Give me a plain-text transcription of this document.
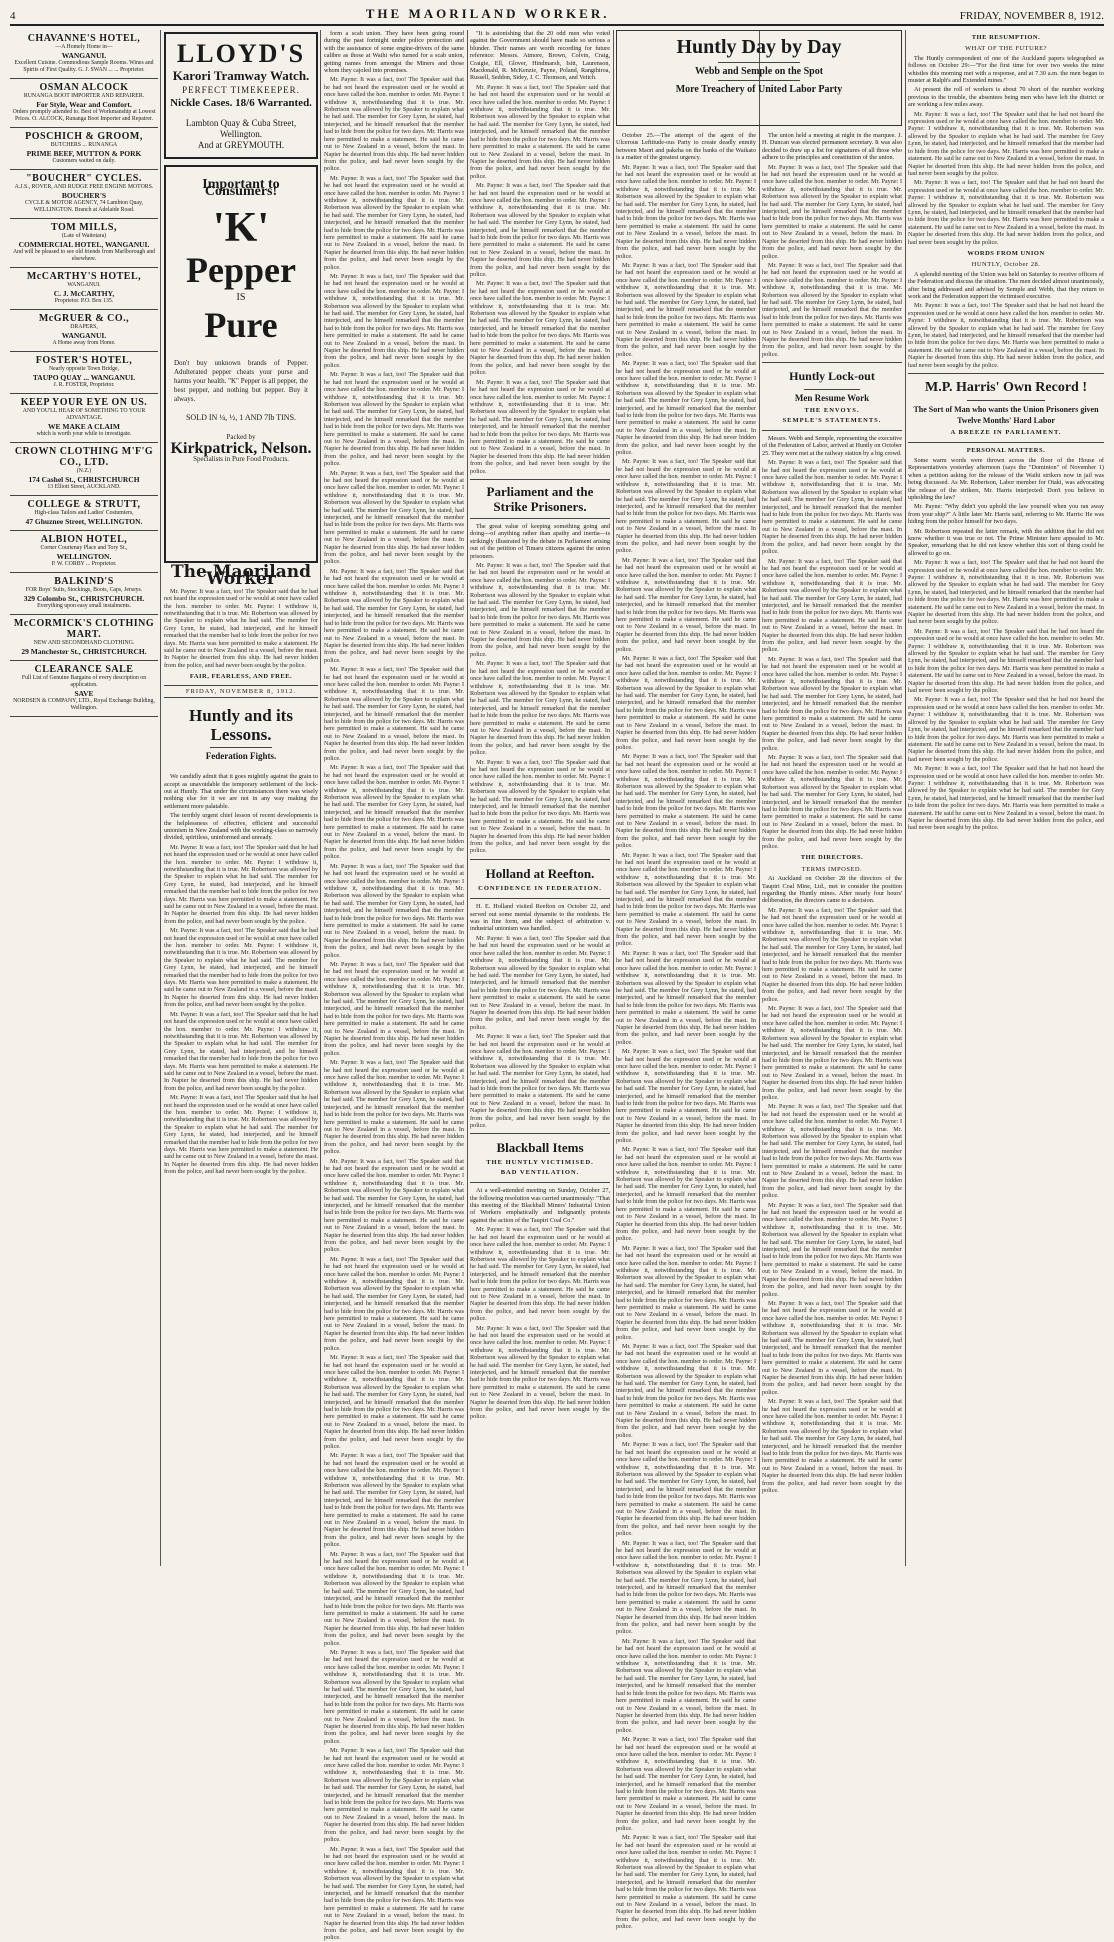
4	THE MAORILAND WORKER.	FRIDAY, NOVEMBER 8, 1912.
CHAVANNE'S HOTEL,
—A Homely Home in—
WANGANUI.
Excellent Cuisine. Commodious Sample Rooms. Wines and Spirits of First Quality. G. J. SWAN ... ... Proprietor.
OSMAN ALCOCK
RUNANGA BOOT IMPORTER AND REPAIRER.
For Style, Wear and Comfort.
Orders promptly attended to. Best of Workmanship at Lowest Prices. O. ALCOCK, Runanga Boot Importer and Repairer.
POSCHICH & GROOM,
BUTCHERS ... RUNANGA
PRIME BEEF, MUTTON & PORK
Customers waited on daily.
"BOUCHER" CYCLES.
A.J.S., ROVER, AND RUDGE FREE ENGINE MOTORS.
BOUCHER'S
CYCLE & MOTOR AGENCY, 74 Lambton Quay, WELLINGTON. Branch at Adelaide Road.
TOM MILLS,
(Late of Waitotara)
COMMERCIAL HOTEL, WANGANUI.
And will be pleased to see old friends from Marlborough and elsewhere.
McCARTHY'S HOTEL,
WANGANUI.
C. J. McCARTHY,
Proprietor. P.O. Box 135.
McGRUER & CO.,
DRAPERS,
WANGANUI.
A Home away from Home.
FOSTER'S HOTEL,
Nearly opposite Town Bridge,
TAUPO QUAY ... WANGANUI.
J. R. FOSTER, Proprietor.
KEEP YOUR EYE ON US.
AND YOU'LL HEAR OF SOMETHING TO YOUR ADVANTAGE.
WE MAKE A CLAIM
which is worth your while to investigate.
CROWN CLOTHING M'F'G CO., LTD.
(N.Z.)
174 Cashel St., CHRISTCHURCH
13 Elliott Street, AUCKLAND.
COLLEGE & STRUTT,
High-class Tailors and Ladies' Costumiers,
47 Ghuznee Street, WELLINGTON.
ALBION HOTEL,
Corner Courtenay Place and Tory St.,
WELLINGTON.
P. W. CORBY ... Proprietor.
BALKIND'S
FOR Boys' Suits, Stockings, Boots, Caps, Jerseys.
329 Colombo St., CHRISTCHURCH.
Everything upon easy small instalments.
McCORMICK'S CLOTHING MART.
NEW AND SECONDHAND CLOTHING.
29 Manchester St., CHRISTCHURCH.
CLEARANCE SALE
Full List of Genuine Bargains of every description on application.
SAVE
NORDSEN & COMPANY, LTD., Royal Exchange Building, Wellington.
LLOYD'S
Karori Tramway Watch.
PERFECT TIMEKEEPER.
Nickle Cases. 18/6 Warranted.
Lambton Quay & Cuba Street, Wellington.
And at GREYMOUTH.
Important to Consumers!
'K'
Pepper
IS
Pure
Don't buy unknown brands of Pepper. Adulterated pepper cheats your purse and harms your health. "K" Pepper is all pepper, the best pepper, and nothing but pepper. Buy it always.
SOLD IN ¼, ½, 1 AND 7lb TINS.
Packed by
Kirkpatrick, Nelson.
Specialists in Pure Food Products.
The Maoriland Worker

Mr. Payne: It was a fact, too! The Speaker said that he had not heard the expression used or he would at once have called the hon. member to order. Mr. Payne: I withdraw it, notwithstanding that it is true. Mr. Robertson was allowed by the Speaker to explain what he had said. The member for Grey Lynn, he stated, had interjected, and he himself remarked that the member had to hide from the police for two days. Mr. Harris was here permitted to make a statement. He said he came out to New Zealand in a vessel, before the mast. In Napier he deserted from this ship. He had never hidden from the police, and had never been sought by the police.

FAIR, FEARLESS, AND FREE.
FRIDAY, NOVEMBER 8, 1912.
Huntly and its Lessons.
Federation Fights.

We candidly admit that it goes mightily against the grain to accept as unavoidable the temporary settlement of the lock-out at Huntly. That under the circumstances there was wisely nothing else for it we are not in any way making the settlement more palatable.

The terribly urgent chief lesson of recent developments is the helplessness of effective, efficient and successful unionism in New Zealand with the working-class so narrowly divided, spiritless, uninformed and unready.

Mr. Payne: It was a fact, too! The Speaker said that he had not heard the expression used or he would at once have called the hon. member to order. Mr. Payne: I withdraw it, notwithstanding that it is true. Mr. Robertson was allowed by the Speaker to explain what he had said. The member for Grey Lynn, he stated, had interjected, and he himself remarked that the member had to hide from the police for two days. Mr. Harris was here permitted to make a statement. He said he came out to New Zealand in a vessel, before the mast. In Napier he deserted from this ship. He had never hidden from the police, and had never been sought by the police.

Mr. Payne: It was a fact, too! The Speaker said that he had not heard the expression used or he would at once have called the hon. member to order. Mr. Payne: I withdraw it, notwithstanding that it is true. Mr. Robertson was allowed by the Speaker to explain what he had said. The member for Grey Lynn, he stated, had interjected, and he himself remarked that the member had to hide from the police for two days. Mr. Harris was here permitted to make a statement. He said he came out to New Zealand in a vessel, before the mast. In Napier he deserted from this ship. He had never hidden from the police, and had never been sought by the police.

Mr. Payne: It was a fact, too! The Speaker said that he had not heard the expression used or he would at once have called the hon. member to order. Mr. Payne: I withdraw it, notwithstanding that it is true. Mr. Robertson was allowed by the Speaker to explain what he had said. The member for Grey Lynn, he stated, had interjected, and he himself remarked that the member had to hide from the police for two days. Mr. Harris was here permitted to make a statement. He said he came out to New Zealand in a vessel, before the mast. In Napier he deserted from this ship. He had never hidden from the police, and had never been sought by the police.

Mr. Payne: It was a fact, too! The Speaker said that he had not heard the expression used or he would at once have called the hon. member to order. Mr. Payne: I withdraw it, notwithstanding that it is true. Mr. Robertson was allowed by the Speaker to explain what he had said. The member for Grey Lynn, he stated, had interjected, and he himself remarked that the member had to hide from the police for two days. Mr. Harris was here permitted to make a statement. He said he came out to New Zealand in a vessel, before the mast. In Napier he deserted from this ship. He had never hidden from the police, and had never been sought by the police.

form a scab union. They have been going round during the past fortnight under police protection and with the assistance of some engine-drivers of the same calibre as those at Waihi who turned for a scab union, getting names from amongst the Miners and those whom they cajoled into promises.

Mr. Payne: It was a fact, too! The Speaker said that he had not heard the expression used or he would at once have called the hon. member to order. Mr. Payne: I withdraw it, notwithstanding that it is true. Mr. Robertson was allowed by the Speaker to explain what he had said. The member for Grey Lynn, he stated, had interjected, and he himself remarked that the member had to hide from the police for two days. Mr. Harris was here permitted to make a statement. He said he came out to New Zealand in a vessel, before the mast. In Napier he deserted from this ship. He had never hidden from the police, and had never been sought by the police.

Mr. Payne: It was a fact, too! The Speaker said that he had not heard the expression used or he would at once have called the hon. member to order. Mr. Payne: I withdraw it, notwithstanding that it is true. Mr. Robertson was allowed by the Speaker to explain what he had said. The member for Grey Lynn, he stated, had interjected, and he himself remarked that the member had to hide from the police for two days. Mr. Harris was here permitted to make a statement. He said he came out to New Zealand in a vessel, before the mast. In Napier he deserted from this ship. He had never hidden from the police, and had never been sought by the police.

Mr. Payne: It was a fact, too! The Speaker said that he had not heard the expression used or he would at once have called the hon. member to order. Mr. Payne: I withdraw it, notwithstanding that it is true. Mr. Robertson was allowed by the Speaker to explain what he had said. The member for Grey Lynn, he stated, had interjected, and he himself remarked that the member had to hide from the police for two days. Mr. Harris was here permitted to make a statement. He said he came out to New Zealand in a vessel, before the mast. In Napier he deserted from this ship. He had never hidden from the police, and had never been sought by the police.

Mr. Payne: It was a fact, too! The Speaker said that he had not heard the expression used or he would at once have called the hon. member to order. Mr. Payne: I withdraw it, notwithstanding that it is true. Mr. Robertson was allowed by the Speaker to explain what he had said. The member for Grey Lynn, he stated, had interjected, and he himself remarked that the member had to hide from the police for two days. Mr. Harris was here permitted to make a statement. He said he came out to New Zealand in a vessel, before the mast. In Napier he deserted from this ship. He had never hidden from the police, and had never been sought by the police.

Mr. Payne: It was a fact, too! The Speaker said that he had not heard the expression used or he would at once have called the hon. member to order. Mr. Payne: I withdraw it, notwithstanding that it is true. Mr. Robertson was allowed by the Speaker to explain what he had said. The member for Grey Lynn, he stated, had interjected, and he himself remarked that the member had to hide from the police for two days. Mr. Harris was here permitted to make a statement. He said he came out to New Zealand in a vessel, before the mast. In Napier he deserted from this ship. He had never hidden from the police, and had never been sought by the police.

Mr. Payne: It was a fact, too! The Speaker said that he had not heard the expression used or he would at once have called the hon. member to order. Mr. Payne: I withdraw it, notwithstanding that it is true. Mr. Robertson was allowed by the Speaker to explain what he had said. The member for Grey Lynn, he stated, had interjected, and he himself remarked that the member had to hide from the police for two days. Mr. Harris was here permitted to make a statement. He said he came out to New Zealand in a vessel, before the mast. In Napier he deserted from this ship. He had never hidden from the police, and had never been sought by the police.

Mr. Payne: It was a fact, too! The Speaker said that he had not heard the expression used or he would at once have called the hon. member to order. Mr. Payne: I withdraw it, notwithstanding that it is true. Mr. Robertson was allowed by the Speaker to explain what he had said. The member for Grey Lynn, he stated, had interjected, and he himself remarked that the member had to hide from the police for two days. Mr. Harris was here permitted to make a statement. He said he came out to New Zealand in a vessel, before the mast. In Napier he deserted from this ship. He had never hidden from the police, and had never been sought by the police.

Mr. Payne: It was a fact, too! The Speaker said that he had not heard the expression used or he would at once have called the hon. member to order. Mr. Payne: I withdraw it, notwithstanding that it is true. Mr. Robertson was allowed by the Speaker to explain what he had said. The member for Grey Lynn, he stated, had interjected, and he himself remarked that the member had to hide from the police for two days. Mr. Harris was here permitted to make a statement. He said he came out to New Zealand in a vessel, before the mast. In Napier he deserted from this ship. He had never hidden from the police, and had never been sought by the police.

Mr. Payne: It was a fact, too! The Speaker said that he had not heard the expression used or he would at once have called the hon. member to order. Mr. Payne: I withdraw it, notwithstanding that it is true. Mr. Robertson was allowed by the Speaker to explain what he had said. The member for Grey Lynn, he stated, had interjected, and he himself remarked that the member had to hide from the police for two days. Mr. Harris was here permitted to make a statement. He said he came out to New Zealand in a vessel, before the mast. In Napier he deserted from this ship. He had never hidden from the police, and had never been sought by the police.

Mr. Payne: It was a fact, too! The Speaker said that he had not heard the expression used or he would at once have called the hon. member to order. Mr. Payne: I withdraw it, notwithstanding that it is true. Mr. Robertson was allowed by the Speaker to explain what he had said. The member for Grey Lynn, he stated, had interjected, and he himself remarked that the member had to hide from the police for two days. Mr. Harris was here permitted to make a statement. He said he came out to New Zealand in a vessel, before the mast. In Napier he deserted from this ship. He had never hidden from the police, and had never been sought by the police.

Mr. Payne: It was a fact, too! The Speaker said that he had not heard the expression used or he would at once have called the hon. member to order. Mr. Payne: I withdraw it, notwithstanding that it is true. Mr. Robertson was allowed by the Speaker to explain what he had said. The member for Grey Lynn, he stated, had interjected, and he himself remarked that the member had to hide from the police for two days. Mr. Harris was here permitted to make a statement. He said he came out to New Zealand in a vessel, before the mast. In Napier he deserted from this ship. He had never hidden from the police, and had never been sought by the police.

Mr. Payne: It was a fact, too! The Speaker said that he had not heard the expression used or he would at once have called the hon. member to order. Mr. Payne: I withdraw it, notwithstanding that it is true. Mr. Robertson was allowed by the Speaker to explain what he had said. The member for Grey Lynn, he stated, had interjected, and he himself remarked that the member had to hide from the police for two days. Mr. Harris was here permitted to make a statement. He said he came out to New Zealand in a vessel, before the mast. In Napier he deserted from this ship. He had never hidden from the police, and had never been sought by the police.

Mr. Payne: It was a fact, too! The Speaker said that he had not heard the expression used or he would at once have called the hon. member to order. Mr. Payne: I withdraw it, notwithstanding that it is true. Mr. Robertson was allowed by the Speaker to explain what he had said. The member for Grey Lynn, he stated, had interjected, and he himself remarked that the member had to hide from the police for two days. Mr. Harris was here permitted to make a statement. He said he came out to New Zealand in a vessel, before the mast. In Napier he deserted from this ship. He had never hidden from the police, and had never been sought by the police.

Mr. Payne: It was a fact, too! The Speaker said that he had not heard the expression used or he would at once have called the hon. member to order. Mr. Payne: I withdraw it, notwithstanding that it is true. Mr. Robertson was allowed by the Speaker to explain what he had said. The member for Grey Lynn, he stated, had interjected, and he himself remarked that the member had to hide from the police for two days. Mr. Harris was here permitted to make a statement. He said he came out to New Zealand in a vessel, before the mast. In Napier he deserted from this ship. He had never hidden from the police, and had never been sought by the police.

Mr. Payne: It was a fact, too! The Speaker said that he had not heard the expression used or he would at once have called the hon. member to order. Mr. Payne: I withdraw it, notwithstanding that it is true. Mr. Robertson was allowed by the Speaker to explain what he had said. The member for Grey Lynn, he stated, had interjected, and he himself remarked that the member had to hide from the police for two days. Mr. Harris was here permitted to make a statement. He said he came out to New Zealand in a vessel, before the mast. In Napier he deserted from this ship. He had never hidden from the police, and had never been sought by the police.

Mr. Payne: It was a fact, too! The Speaker said that he had not heard the expression used or he would at once have called the hon. member to order. Mr. Payne: I withdraw it, notwithstanding that it is true. Mr. Robertson was allowed by the Speaker to explain what he had said. The member for Grey Lynn, he stated, had interjected, and he himself remarked that the member had to hide from the police for two days. Mr. Harris was here permitted to make a statement. He said he came out to New Zealand in a vessel, before the mast. In Napier he deserted from this ship. He had never hidden from the police, and had never been sought by the police.

Mr. Payne: It was a fact, too! The Speaker said that he had not heard the expression used or he would at once have called the hon. member to order. Mr. Payne: I withdraw it, notwithstanding that it is true. Mr. Robertson was allowed by the Speaker to explain what he had said. The member for Grey Lynn, he stated, had interjected, and he himself remarked that the member had to hide from the police for two days. Mr. Harris was here permitted to make a statement. He said he came out to New Zealand in a vessel, before the mast. In Napier he deserted from this ship. He had never hidden from the police, and had never been sought by the police.

Mr. Payne: It was a fact, too! The Speaker said that he had not heard the expression used or he would at once have called the hon. member to order. Mr. Payne: I withdraw it, notwithstanding that it is true. Mr. Robertson was allowed by the Speaker to explain what he had said. The member for Grey Lynn, he stated, had interjected, and he himself remarked that the member had to hide from the police for two days. Mr. Harris was here permitted to make a statement. He said he came out to New Zealand in a vessel, before the mast. In Napier he deserted from this ship. He had never hidden from the police, and had never been sought by the police.

Mr. Payne: It was a fact, too! The Speaker said that he had not heard the expression used or he would at once have called the hon. member to order. Mr. Payne: I withdraw it, notwithstanding that it is true. Mr. Robertson was allowed by the Speaker to explain what he had said. The member for Grey Lynn, he stated, had interjected, and he himself remarked that the member had to hide from the police for two days. Mr. Harris was here permitted to make a statement. He said he came out to New Zealand in a vessel, before the mast. In Napier he deserted from this ship. He had never hidden from the police, and had never been sought by the police.

"It is astonishing that the 20 odd men who voted against the Government should have made so serious a blunder. Their names are worth recording for future reference: Messrs. Atmore, Brown, Colvin, Craig, Craigie, Ell, Glover, Hindmarsh, Isitt, Laurenson, Macdonald, R. McKenzie, Payne, Poland, Rangihiroa, Russell, Seddon, Sidey, J. C. Thomson, and Veitch.

Mr. Payne: It was a fact, too! The Speaker said that he had not heard the expression used or he would at once have called the hon. member to order. Mr. Payne: I withdraw it, notwithstanding that it is true. Mr. Robertson was allowed by the Speaker to explain what he had said. The member for Grey Lynn, he stated, had interjected, and he himself remarked that the member had to hide from the police for two days. Mr. Harris was here permitted to make a statement. He said he came out to New Zealand in a vessel, before the mast. In Napier he deserted from this ship. He had never hidden from the police, and had never been sought by the police.

Mr. Payne: It was a fact, too! The Speaker said that he had not heard the expression used or he would at once have called the hon. member to order. Mr. Payne: I withdraw it, notwithstanding that it is true. Mr. Robertson was allowed by the Speaker to explain what he had said. The member for Grey Lynn, he stated, had interjected, and he himself remarked that the member had to hide from the police for two days. Mr. Harris was here permitted to make a statement. He said he came out to New Zealand in a vessel, before the mast. In Napier he deserted from this ship. He had never hidden from the police, and had never been sought by the police.

Mr. Payne: It was a fact, too! The Speaker said that he had not heard the expression used or he would at once have called the hon. member to order. Mr. Payne: I withdraw it, notwithstanding that it is true. Mr. Robertson was allowed by the Speaker to explain what he had said. The member for Grey Lynn, he stated, had interjected, and he himself remarked that the member had to hide from the police for two days. Mr. Harris was here permitted to make a statement. He said he came out to New Zealand in a vessel, before the mast. In Napier he deserted from this ship. He had never hidden from the police, and had never been sought by the police.

Mr. Payne: It was a fact, too! The Speaker said that he had not heard the expression used or he would at once have called the hon. member to order. Mr. Payne: I withdraw it, notwithstanding that it is true. Mr. Robertson was allowed by the Speaker to explain what he had said. The member for Grey Lynn, he stated, had interjected, and he himself remarked that the member had to hide from the police for two days. Mr. Harris was here permitted to make a statement. He said he came out to New Zealand in a vessel, before the mast. In Napier he deserted from this ship. He had never hidden from the police, and had never been sought by the police.

Parliament and the Strike Prisoners.

The great value of keeping something going and doing—of anything rather than apathy and inertia—is strikingly illustrated by the debate in Parliament arising out of the petition of Timaru citizens against the union prisoners.

Mr. Payne: It was a fact, too! The Speaker said that he had not heard the expression used or he would at once have called the hon. member to order. Mr. Payne: I withdraw it, notwithstanding that it is true. Mr. Robertson was allowed by the Speaker to explain what he had said. The member for Grey Lynn, he stated, had interjected, and he himself remarked that the member had to hide from the police for two days. Mr. Harris was here permitted to make a statement. He said he came out to New Zealand in a vessel, before the mast. In Napier he deserted from this ship. He had never hidden from the police, and had never been sought by the police.

Mr. Payne: It was a fact, too! The Speaker said that he had not heard the expression used or he would at once have called the hon. member to order. Mr. Payne: I withdraw it, notwithstanding that it is true. Mr. Robertson was allowed by the Speaker to explain what he had said. The member for Grey Lynn, he stated, had interjected, and he himself remarked that the member had to hide from the police for two days. Mr. Harris was here permitted to make a statement. He said he came out to New Zealand in a vessel, before the mast. In Napier he deserted from this ship. He had never hidden from the police, and had never been sought by the police.

Mr. Payne: It was a fact, too! The Speaker said that he had not heard the expression used or he would at once have called the hon. member to order. Mr. Payne: I withdraw it, notwithstanding that it is true. Mr. Robertson was allowed by the Speaker to explain what he had said. The member for Grey Lynn, he stated, had interjected, and he himself remarked that the member had to hide from the police for two days. Mr. Harris was here permitted to make a statement. He said he came out to New Zealand in a vessel, before the mast. In Napier he deserted from this ship. He had never hidden from the police, and had never been sought by the police.

Holland at Reefton.
CONFIDENCE IN FEDERATION.

H. E. Holland visited Reefton on October 22, and served out some mental dynamite to the residents. He was in fine form, and the subject of arbitration v. industrial unionism was handled.

Mr. Payne: It was a fact, too! The Speaker said that he had not heard the expression used or he would at once have called the hon. member to order. Mr. Payne: I withdraw it, notwithstanding that it is true. Mr. Robertson was allowed by the Speaker to explain what he had said. The member for Grey Lynn, he stated, had interjected, and he himself remarked that the member had to hide from the police for two days. Mr. Harris was here permitted to make a statement. He said he came out to New Zealand in a vessel, before the mast. In Napier he deserted from this ship. He had never hidden from the police, and had never been sought by the police.

Mr. Payne: It was a fact, too! The Speaker said that he had not heard the expression used or he would at once have called the hon. member to order. Mr. Payne: I withdraw it, notwithstanding that it is true. Mr. Robertson was allowed by the Speaker to explain what he had said. The member for Grey Lynn, he stated, had interjected, and he himself remarked that the member had to hide from the police for two days. Mr. Harris was here permitted to make a statement. He said he came out to New Zealand in a vessel, before the mast. In Napier he deserted from this ship. He had never hidden from the police, and had never been sought by the police.

Blackball Items
THE HUNTLY VICTIMISED.
BAD VENTILATION.

At a well-attended meeting on Sunday, October 27, the following resolution was carried unanimously: "That this meeting of the Blackball Miners' Industrial Union of Workers emphatically and indignantly protests against the action of the Taupiri Coal Co."

Mr. Payne: It was a fact, too! The Speaker said that he had not heard the expression used or he would at once have called the hon. member to order. Mr. Payne: I withdraw it, notwithstanding that it is true. Mr. Robertson was allowed by the Speaker to explain what he had said. The member for Grey Lynn, he stated, had interjected, and he himself remarked that the member had to hide from the police for two days. Mr. Harris was here permitted to make a statement. He said he came out to New Zealand in a vessel, before the mast. In Napier he deserted from this ship. He had never hidden from the police, and had never been sought by the police.

Mr. Payne: It was a fact, too! The Speaker said that he had not heard the expression used or he would at once have called the hon. member to order. Mr. Payne: I withdraw it, notwithstanding that it is true. Mr. Robertson was allowed by the Speaker to explain what he had said. The member for Grey Lynn, he stated, had interjected, and he himself remarked that the member had to hide from the police for two days. Mr. Harris was here permitted to make a statement. He said he came out to New Zealand in a vessel, before the mast. In Napier he deserted from this ship. He had never hidden from the police, and had never been sought by the police.

Huntly Day by Day
Webb and Semple on the Spot
More Treachery of United Labor Party

October 25.—The attempt of the agent of the Ulcerous Leftitude-ous Party to create deadly enmity between Maori and pakeha on the banks of the Waikato is a matter of the greatest urgency.

Mr. Payne: It was a fact, too! The Speaker said that he had not heard the expression used or he would at once have called the hon. member to order. Mr. Payne: I withdraw it, notwithstanding that it is true. Mr. Robertson was allowed by the Speaker to explain what he had said. The member for Grey Lynn, he stated, had interjected, and he himself remarked that the member had to hide from the police for two days. Mr. Harris was here permitted to make a statement. He said he came out to New Zealand in a vessel, before the mast. In Napier he deserted from this ship. He had never hidden from the police, and had never been sought by the police.

Mr. Payne: It was a fact, too! The Speaker said that he had not heard the expression used or he would at once have called the hon. member to order. Mr. Payne: I withdraw it, notwithstanding that it is true. Mr. Robertson was allowed by the Speaker to explain what he had said. The member for Grey Lynn, he stated, had interjected, and he himself remarked that the member had to hide from the police for two days. Mr. Harris was here permitted to make a statement. He said he came out to New Zealand in a vessel, before the mast. In Napier he deserted from this ship. He had never hidden from the police, and had never been sought by the police.

Mr. Payne: It was a fact, too! The Speaker said that he had not heard the expression used or he would at once have called the hon. member to order. Mr. Payne: I withdraw it, notwithstanding that it is true. Mr. Robertson was allowed by the Speaker to explain what he had said. The member for Grey Lynn, he stated, had interjected, and he himself remarked that the member had to hide from the police for two days. Mr. Harris was here permitted to make a statement. He said he came out to New Zealand in a vessel, before the mast. In Napier he deserted from this ship. He had never hidden from the police, and had never been sought by the police.

Mr. Payne: It was a fact, too! The Speaker said that he had not heard the expression used or he would at once have called the hon. member to order. Mr. Payne: I withdraw it, notwithstanding that it is true. Mr. Robertson was allowed by the Speaker to explain what he had said. The member for Grey Lynn, he stated, had interjected, and he himself remarked that the member had to hide from the police for two days. Mr. Harris was here permitted to make a statement. He said he came out to New Zealand in a vessel, before the mast. In Napier he deserted from this ship. He had never hidden from the police, and had never been sought by the police.

Mr. Payne: It was a fact, too! The Speaker said that he had not heard the expression used or he would at once have called the hon. member to order. Mr. Payne: I withdraw it, notwithstanding that it is true. Mr. Robertson was allowed by the Speaker to explain what he had said. The member for Grey Lynn, he stated, had interjected, and he himself remarked that the member had to hide from the police for two days. Mr. Harris was here permitted to make a statement. He said he came out to New Zealand in a vessel, before the mast. In Napier he deserted from this ship. He had never hidden from the police, and had never been sought by the police.

Mr. Payne: It was a fact, too! The Speaker said that he had not heard the expression used or he would at once have called the hon. member to order. Mr. Payne: I withdraw it, notwithstanding that it is true. Mr. Robertson was allowed by the Speaker to explain what he had said. The member for Grey Lynn, he stated, had interjected, and he himself remarked that the member had to hide from the police for two days. Mr. Harris was here permitted to make a statement. He said he came out to New Zealand in a vessel, before the mast. In Napier he deserted from this ship. He had never hidden from the police, and had never been sought by the police.

Mr. Payne: It was a fact, too! The Speaker said that he had not heard the expression used or he would at once have called the hon. member to order. Mr. Payne: I withdraw it, notwithstanding that it is true. Mr. Robertson was allowed by the Speaker to explain what he had said. The member for Grey Lynn, he stated, had interjected, and he himself remarked that the member had to hide from the police for two days. Mr. Harris was here permitted to make a statement. He said he came out to New Zealand in a vessel, before the mast. In Napier he deserted from this ship. He had never hidden from the police, and had never been sought by the police.

Mr. Payne: It was a fact, too! The Speaker said that he had not heard the expression used or he would at once have called the hon. member to order. Mr. Payne: I withdraw it, notwithstanding that it is true. Mr. Robertson was allowed by the Speaker to explain what he had said. The member for Grey Lynn, he stated, had interjected, and he himself remarked that the member had to hide from the police for two days. Mr. Harris was here permitted to make a statement. He said he came out to New Zealand in a vessel, before the mast. In Napier he deserted from this ship. He had never hidden from the police, and had never been sought by the police.

Mr. Payne: It was a fact, too! The Speaker said that he had not heard the expression used or he would at once have called the hon. member to order. Mr. Payne: I withdraw it, notwithstanding that it is true. Mr. Robertson was allowed by the Speaker to explain what he had said. The member for Grey Lynn, he stated, had interjected, and he himself remarked that the member had to hide from the police for two days. Mr. Harris was here permitted to make a statement. He said he came out to New Zealand in a vessel, before the mast. In Napier he deserted from this ship. He had never hidden from the police, and had never been sought by the police.

Mr. Payne: It was a fact, too! The Speaker said that he had not heard the expression used or he would at once have called the hon. member to order. Mr. Payne: I withdraw it, notwithstanding that it is true. Mr. Robertson was allowed by the Speaker to explain what he had said. The member for Grey Lynn, he stated, had interjected, and he himself remarked that the member had to hide from the police for two days. Mr. Harris was here permitted to make a statement. He said he came out to New Zealand in a vessel, before the mast. In Napier he deserted from this ship. He had never hidden from the police, and had never been sought by the police.

Mr. Payne: It was a fact, too! The Speaker said that he had not heard the expression used or he would at once have called the hon. member to order. Mr. Payne: I withdraw it, notwithstanding that it is true. Mr. Robertson was allowed by the Speaker to explain what he had said. The member for Grey Lynn, he stated, had interjected, and he himself remarked that the member had to hide from the police for two days. Mr. Harris was here permitted to make a statement. He said he came out to New Zealand in a vessel, before the mast. In Napier he deserted from this ship. He had never hidden from the police, and had never been sought by the police.

Mr. Payne: It was a fact, too! The Speaker said that he had not heard the expression used or he would at once have called the hon. member to order. Mr. Payne: I withdraw it, notwithstanding that it is true. Mr. Robertson was allowed by the Speaker to explain what he had said. The member for Grey Lynn, he stated, had interjected, and he himself remarked that the member had to hide from the police for two days. Mr. Harris was here permitted to make a statement. He said he came out to New Zealand in a vessel, before the mast. In Napier he deserted from this ship. He had never hidden from the police, and had never been sought by the police.

Mr. Payne: It was a fact, too! The Speaker said that he had not heard the expression used or he would at once have called the hon. member to order. Mr. Payne: I withdraw it, notwithstanding that it is true. Mr. Robertson was allowed by the Speaker to explain what he had said. The member for Grey Lynn, he stated, had interjected, and he himself remarked that the member had to hide from the police for two days. Mr. Harris was here permitted to make a statement. He said he came out to New Zealand in a vessel, before the mast. In Napier he deserted from this ship. He had never hidden from the police, and had never been sought by the police.

Mr. Payne: It was a fact, too! The Speaker said that he had not heard the expression used or he would at once have called the hon. member to order. Mr. Payne: I withdraw it, notwithstanding that it is true. Mr. Robertson was allowed by the Speaker to explain what he had said. The member for Grey Lynn, he stated, had interjected, and he himself remarked that the member had to hide from the police for two days. Mr. Harris was here permitted to make a statement. He said he came out to New Zealand in a vessel, before the mast. In Napier he deserted from this ship. He had never hidden from the police, and had never been sought by the police.

Mr. Payne: It was a fact, too! The Speaker said that he had not heard the expression used or he would at once have called the hon. member to order. Mr. Payne: I withdraw it, notwithstanding that it is true. Mr. Robertson was allowed by the Speaker to explain what he had said. The member for Grey Lynn, he stated, had interjected, and he himself remarked that the member had to hide from the police for two days. Mr. Harris was here permitted to make a statement. He said he came out to New Zealand in a vessel, before the mast. In Napier he deserted from this ship. He had never hidden from the police, and had never been sought by the police.

Mr. Payne: It was a fact, too! The Speaker said that he had not heard the expression used or he would at once have called the hon. member to order. Mr. Payne: I withdraw it, notwithstanding that it is true. Mr. Robertson was allowed by the Speaker to explain what he had said. The member for Grey Lynn, he stated, had interjected, and he himself remarked that the member had to hide from the police for two days. Mr. Harris was here permitted to make a statement. He said he came out to New Zealand in a vessel, before the mast. In Napier he deserted from this ship. He had never hidden from the police, and had never been sought by the police.

Mr. Payne: It was a fact, too! The Speaker said that he had not heard the expression used or he would at once have called the hon. member to order. Mr. Payne: I withdraw it, notwithstanding that it is true. Mr. Robertson was allowed by the Speaker to explain what he had said. The member for Grey Lynn, he stated, had interjected, and he himself remarked that the member had to hide from the police for two days. Mr. Harris was here permitted to make a statement. He said he came out to New Zealand in a vessel, before the mast. In Napier he deserted from this ship. He had never hidden from the police, and had never been sought by the police.

Mr. Payne: It was a fact, too! The Speaker said that he had not heard the expression used or he would at once have called the hon. member to order. Mr. Payne: I withdraw it, notwithstanding that it is true. Mr. Robertson was allowed by the Speaker to explain what he had said. The member for Grey Lynn, he stated, had interjected, and he himself remarked that the member had to hide from the police for two days. Mr. Harris was here permitted to make a statement. He said he came out to New Zealand in a vessel, before the mast. In Napier he deserted from this ship. He had never hidden from the police, and had never been sought by the police.

The union held a meeting at night in the marquee. J. H. Duncan was elected permanent secretary. It was also decided to draw up a list for signatures of all those who adhere to the principles and constitution of the union.

Mr. Payne: It was a fact, too! The Speaker said that he had not heard the expression used or he would at once have called the hon. member to order. Mr. Payne: I withdraw it, notwithstanding that it is true. Mr. Robertson was allowed by the Speaker to explain what he had said. The member for Grey Lynn, he stated, had interjected, and he himself remarked that the member had to hide from the police for two days. Mr. Harris was here permitted to make a statement. He said he came out to New Zealand in a vessel, before the mast. In Napier he deserted from this ship. He had never hidden from the police, and had never been sought by the police.

Mr. Payne: It was a fact, too! The Speaker said that he had not heard the expression used or he would at once have called the hon. member to order. Mr. Payne: I withdraw it, notwithstanding that it is true. Mr. Robertson was allowed by the Speaker to explain what he had said. The member for Grey Lynn, he stated, had interjected, and he himself remarked that the member had to hide from the police for two days. Mr. Harris was here permitted to make a statement. He said he came out to New Zealand in a vessel, before the mast. In Napier he deserted from this ship. He had never hidden from the police, and had never been sought by the police.

Huntly Lock-out
Men Resume Work
THE ENVOYS.
SEMPLE'S STATEMENTS.

Messrs. Webb and Semple, representing the executive of the Federation of Labor, arrived at Huntly on October 25. They were met at the railway station by a big crowd.

Mr. Payne: It was a fact, too! The Speaker said that he had not heard the expression used or he would at once have called the hon. member to order. Mr. Payne: I withdraw it, notwithstanding that it is true. Mr. Robertson was allowed by the Speaker to explain what he had said. The member for Grey Lynn, he stated, had interjected, and he himself remarked that the member had to hide from the police for two days. Mr. Harris was here permitted to make a statement. He said he came out to New Zealand in a vessel, before the mast. In Napier he deserted from this ship. He had never hidden from the police, and had never been sought by the police.

Mr. Payne: It was a fact, too! The Speaker said that he had not heard the expression used or he would at once have called the hon. member to order. Mr. Payne: I withdraw it, notwithstanding that it is true. Mr. Robertson was allowed by the Speaker to explain what he had said. The member for Grey Lynn, he stated, had interjected, and he himself remarked that the member had to hide from the police for two days. Mr. Harris was here permitted to make a statement. He said he came out to New Zealand in a vessel, before the mast. In Napier he deserted from this ship. He had never hidden from the police, and had never been sought by the police.

Mr. Payne: It was a fact, too! The Speaker said that he had not heard the expression used or he would at once have called the hon. member to order. Mr. Payne: I withdraw it, notwithstanding that it is true. Mr. Robertson was allowed by the Speaker to explain what he had said. The member for Grey Lynn, he stated, had interjected, and he himself remarked that the member had to hide from the police for two days. Mr. Harris was here permitted to make a statement. He said he came out to New Zealand in a vessel, before the mast. In Napier he deserted from this ship. He had never hidden from the police, and had never been sought by the police.

Mr. Payne: It was a fact, too! The Speaker said that he had not heard the expression used or he would at once have called the hon. member to order. Mr. Payne: I withdraw it, notwithstanding that it is true. Mr. Robertson was allowed by the Speaker to explain what he had said. The member for Grey Lynn, he stated, had interjected, and he himself remarked that the member had to hide from the police for two days. Mr. Harris was here permitted to make a statement. He said he came out to New Zealand in a vessel, before the mast. In Napier he deserted from this ship. He had never hidden from the police, and had never been sought by the police.

THE DIRECTORS.
TERMS IMPOSED.

At Auckland on October 28 the directors of the Taupiri Coal Mine, Ltd., met to consider the position regarding the Huntly mines. After nearly four hours' deliberation, the directors came to a decision.

Mr. Payne: It was a fact, too! The Speaker said that he had not heard the expression used or he would at once have called the hon. member to order. Mr. Payne: I withdraw it, notwithstanding that it is true. Mr. Robertson was allowed by the Speaker to explain what he had said. The member for Grey Lynn, he stated, had interjected, and he himself remarked that the member had to hide from the police for two days. Mr. Harris was here permitted to make a statement. He said he came out to New Zealand in a vessel, before the mast. In Napier he deserted from this ship. He had never hidden from the police, and had never been sought by the police.

Mr. Payne: It was a fact, too! The Speaker said that he had not heard the expression used or he would at once have called the hon. member to order. Mr. Payne: I withdraw it, notwithstanding that it is true. Mr. Robertson was allowed by the Speaker to explain what he had said. The member for Grey Lynn, he stated, had interjected, and he himself remarked that the member had to hide from the police for two days. Mr. Harris was here permitted to make a statement. He said he came out to New Zealand in a vessel, before the mast. In Napier he deserted from this ship. He had never hidden from the police, and had never been sought by the police.

Mr. Payne: It was a fact, too! The Speaker said that he had not heard the expression used or he would at once have called the hon. member to order. Mr. Payne: I withdraw it, notwithstanding that it is true. Mr. Robertson was allowed by the Speaker to explain what he had said. The member for Grey Lynn, he stated, had interjected, and he himself remarked that the member had to hide from the police for two days. Mr. Harris was here permitted to make a statement. He said he came out to New Zealand in a vessel, before the mast. In Napier he deserted from this ship. He had never hidden from the police, and had never been sought by the police.

Mr. Payne: It was a fact, too! The Speaker said that he had not heard the expression used or he would at once have called the hon. member to order. Mr. Payne: I withdraw it, notwithstanding that it is true. Mr. Robertson was allowed by the Speaker to explain what he had said. The member for Grey Lynn, he stated, had interjected, and he himself remarked that the member had to hide from the police for two days. Mr. Harris was here permitted to make a statement. He said he came out to New Zealand in a vessel, before the mast. In Napier he deserted from this ship. He had never hidden from the police, and had never been sought by the police.

Mr. Payne: It was a fact, too! The Speaker said that he had not heard the expression used or he would at once have called the hon. member to order. Mr. Payne: I withdraw it, notwithstanding that it is true. Mr. Robertson was allowed by the Speaker to explain what he had said. The member for Grey Lynn, he stated, had interjected, and he himself remarked that the member had to hide from the police for two days. Mr. Harris was here permitted to make a statement. He said he came out to New Zealand in a vessel, before the mast. In Napier he deserted from this ship. He had never hidden from the police, and had never been sought by the police.

Mr. Payne: It was a fact, too! The Speaker said that he had not heard the expression used or he would at once have called the hon. member to order. Mr. Payne: I withdraw it, notwithstanding that it is true. Mr. Robertson was allowed by the Speaker to explain what he had said. The member for Grey Lynn, he stated, had interjected, and he himself remarked that the member had to hide from the police for two days. Mr. Harris was here permitted to make a statement. He said he came out to New Zealand in a vessel, before the mast. In Napier he deserted from this ship. He had never hidden from the police, and had never been sought by the police.

THE RESUMPTION.
WHAT OF THE FUTURE?

The Huntly correspondent of one of the Auckland papers telegraphed as follows on October 29:—"For the first time for over two weeks the mine whistles this morning met with a response, and at 7.30 a.m. the men began to muster at Ralph's and Extended mines."

At present the roll of workers is about 70 short of the number working previous to the trouble, the absentees being men who have left the district or are working a few miles away.

Mr. Payne: It was a fact, too! The Speaker said that he had not heard the expression used or he would at once have called the hon. member to order. Mr. Payne: I withdraw it, notwithstanding that it is true. Mr. Robertson was allowed by the Speaker to explain what he had said. The member for Grey Lynn, he stated, had interjected, and he himself remarked that the member had to hide from the police for two days. Mr. Harris was here permitted to make a statement. He said he came out to New Zealand in a vessel, before the mast. In Napier he deserted from this ship. He had never hidden from the police, and had never been sought by the police.

Mr. Payne: It was a fact, too! The Speaker said that he had not heard the expression used or he would at once have called the hon. member to order. Mr. Payne: I withdraw it, notwithstanding that it is true. Mr. Robertson was allowed by the Speaker to explain what he had said. The member for Grey Lynn, he stated, had interjected, and he himself remarked that the member had to hide from the police for two days. Mr. Harris was here permitted to make a statement. He said he came out to New Zealand in a vessel, before the mast. In Napier he deserted from this ship. He had never hidden from the police, and had never been sought by the police.

WORDS FROM UNION
HUNTLY, October 28.

A splendid meeting of the Union was held on Saturday to receive officers of the Federation and discuss the situation. The men decided almost unanimously, after being addressed and advised by Semple and Webb, that they return to work and the Federation support the victimised executive.

Mr. Payne: It was a fact, too! The Speaker said that he had not heard the expression used or he would at once have called the hon. member to order. Mr. Payne: I withdraw it, notwithstanding that it is true. Mr. Robertson was allowed by the Speaker to explain what he had said. The member for Grey Lynn, he stated, had interjected, and he himself remarked that the member had to hide from the police for two days. Mr. Harris was here permitted to make a statement. He said he came out to New Zealand in a vessel, before the mast. In Napier he deserted from this ship. He had never hidden from the police, and had never been sought by the police.

M.P. Harris' Own Record !
The Sort of Man who wants the Union Prisoners given Twelve Months' Hard Labor
A BREEZE IN PARLIAMENT.
PERSONAL MATTERS.

Some warm words were thrown across the floor of the House of Representatives yesterday afternoon (says the "Dominion" of November 1) when a petition asking for the release of the Waihi strikers now in jail was being discussed. As Mr. Robertson, Labor member for Otaki, was advocating the release of the strikers, Mr. Harris interjected: Don't you believe in upholding the law?

Mr. Payne: "Why didn't you uphold the law yourself when you ran away from your ship?" A little later Mr. Harris said, referring to Mr. Harris: He was hiding from the police himself for two days.

Mr. Robertson repeated the latter remark, with the addition that he did not know whether it was true or not. The Prime Minister here appealed to Mr. Speaker, remarking that he did not know whether this sort of thing could be allowed to go on.

Mr. Payne: It was a fact, too! The Speaker said that he had not heard the expression used or he would at once have called the hon. member to order. Mr. Payne: I withdraw it, notwithstanding that it is true. Mr. Robertson was allowed by the Speaker to explain what he had said. The member for Grey Lynn, he stated, had interjected, and he himself remarked that the member had to hide from the police for two days. Mr. Harris was here permitted to make a statement. He said he came out to New Zealand in a vessel, before the mast. In Napier he deserted from this ship. He had never hidden from the police, and had never been sought by the police.

Mr. Payne: It was a fact, too! The Speaker said that he had not heard the expression used or he would at once have called the hon. member to order. Mr. Payne: I withdraw it, notwithstanding that it is true. Mr. Robertson was allowed by the Speaker to explain what he had said. The member for Grey Lynn, he stated, had interjected, and he himself remarked that the member had to hide from the police for two days. Mr. Harris was here permitted to make a statement. He said he came out to New Zealand in a vessel, before the mast. In Napier he deserted from this ship. He had never hidden from the police, and had never been sought by the police.

Mr. Payne: It was a fact, too! The Speaker said that he had not heard the expression used or he would at once have called the hon. member to order. Mr. Payne: I withdraw it, notwithstanding that it is true. Mr. Robertson was allowed by the Speaker to explain what he had said. The member for Grey Lynn, he stated, had interjected, and he himself remarked that the member had to hide from the police for two days. Mr. Harris was here permitted to make a statement. He said he came out to New Zealand in a vessel, before the mast. In Napier he deserted from this ship. He had never hidden from the police, and had never been sought by the police.

Mr. Payne: It was a fact, too! The Speaker said that he had not heard the expression used or he would at once have called the hon. member to order. Mr. Payne: I withdraw it, notwithstanding that it is true. Mr. Robertson was allowed by the Speaker to explain what he had said. The member for Grey Lynn, he stated, had interjected, and he himself remarked that the member had to hide from the police for two days. Mr. Harris was here permitted to make a statement. He said he came out to New Zealand in a vessel, before the mast. In Napier he deserted from this ship. He had never hidden from the police, and had never been sought by the police.
